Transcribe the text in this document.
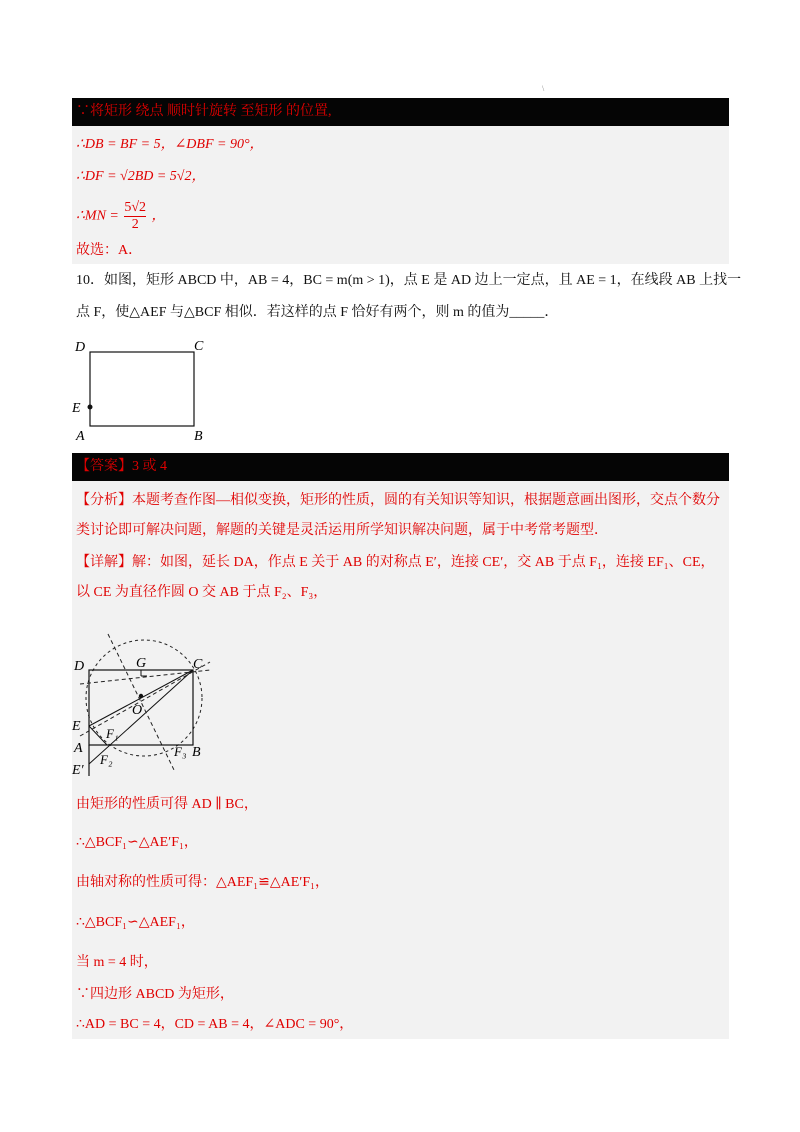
\
∵将矩形 绕点 顺时针旋转 至矩形 的位置,
∴DB = BF = 5，∠DBF = 90°，
∴DF = √2BD = 5√2，
∴MN = $\frac{5√2}{2}$ ，
故选：A．
10．如图，矩形 ABCD 中，AB = 4，BC = m(m > 1)，点 E 是 AD 边上一定点，且 AE = 1，在线段 AB 上找一
点 F，使△AEF 与△BCF 相似．若这样的点 F 恰好有两个，则 m 的值为_____．
D	C
E
A	B
【答案】3 或 4
【分析】本题考查作图—相似变换，矩形的性质，圆的有关知识等知识，根据题意画出图形，交点个数分类讨论即可解决问题，解题的关键是灵活运用所学知识解决问题，属于中考常考题型．
【详解】解：如图，延长 DA，作点 E 关于 AB 的对称点 E′，连接 CE′，交 AB 于点 F₁，连接 EF₁、CE，以 CE 为直径作圆 O 交 AB 于点 F₂、F₃，
D	G	C
O
E F₁
A	F₃ B
F₂
E′
由矩形的性质可得 AD ∥ BC，
∴△BCF₁∽△AE′F₁，
由轴对称的性质可得：△AEF₁≌△AE′F₁，
∴△BCF₁∽△AEF₁，
当 m = 4 时，
∵四边形 ABCD 为矩形，
∴AD = BC = 4，CD = AB = 4，∠ADC = 90°，
